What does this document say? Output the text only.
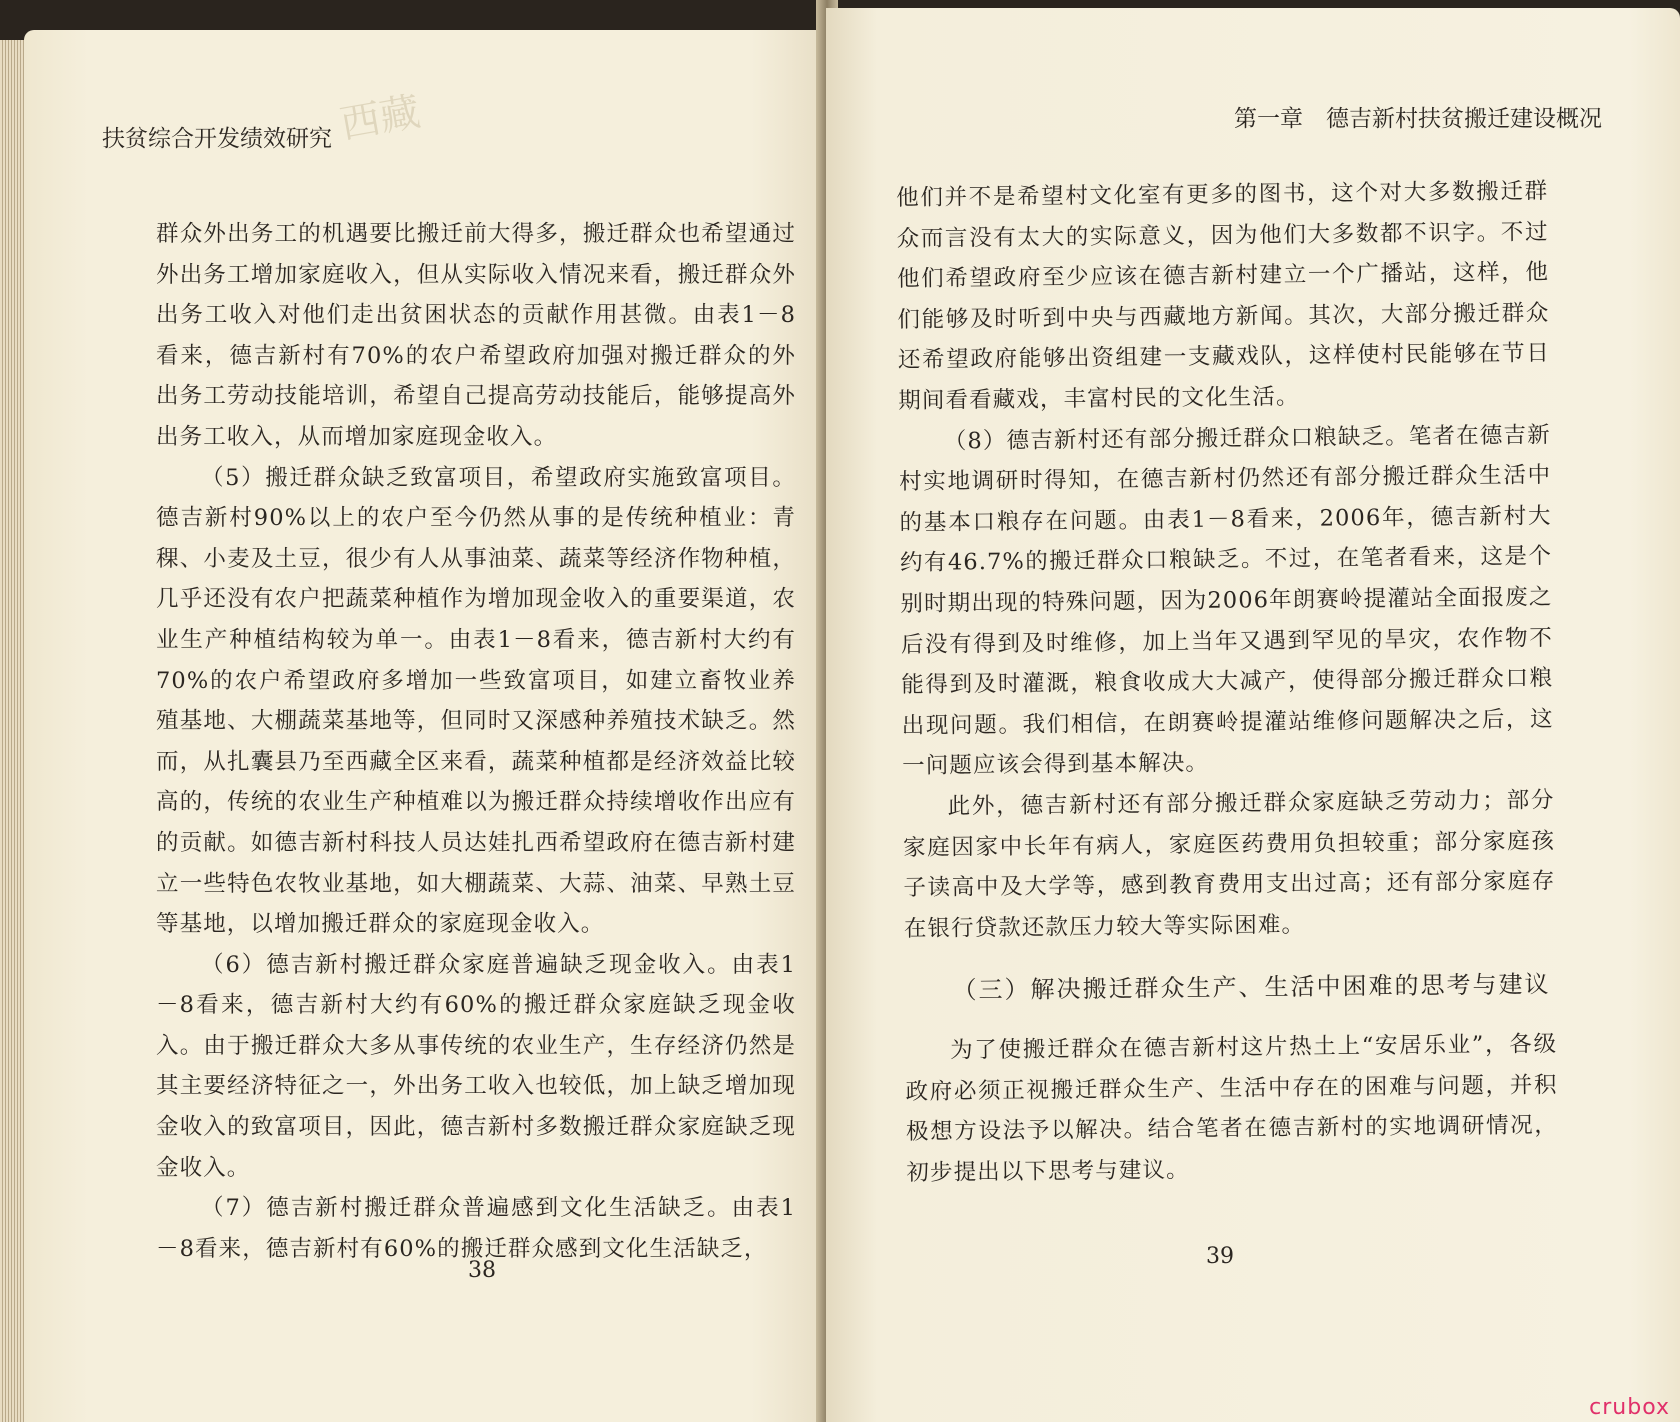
扶贫综合开发绩效研究 西藏

群众外出务工的机遇要比搬迁前大得多，搬迁群众也希望通过外出务工增加家庭收入，但从实际收入情况来看，搬迁群众外出务工收入对他们走出贫困状态的贡献作用甚微。由表1－8看来，德吉新村有70%的农户希望政府加强对搬迁群众的外出务工劳动技能培训，希望自己提高劳动技能后，能够提高外出务工收入，从而增加家庭现金收入。

（5）搬迁群众缺乏致富项目，希望政府实施致富项目。德吉新村90%以上的农户至今仍然从事的是传统种植业：青稞、小麦及土豆，很少有人从事油菜、蔬菜等经济作物种植，几乎还没有农户把蔬菜种植作为增加现金收入的重要渠道，农业生产种植结构较为单一。由表1－8看来，德吉新村大约有70%的农户希望政府多增加一些致富项目，如建立畜牧业养殖基地、大棚蔬菜基地等，但同时又深感种养殖技术缺乏。然而，从扎囊县乃至西藏全区来看，蔬菜种植都是经济效益比较高的，传统的农业生产种植难以为搬迁群众持续增收作出应有的贡献。如德吉新村科技人员达娃扎西希望政府在德吉新村建立一些特色农牧业基地，如大棚蔬菜、大蒜、油菜、早熟土豆等基地，以增加搬迁群众的家庭现金收入。

（6）德吉新村搬迁群众家庭普遍缺乏现金收入。由表1－8看来，德吉新村大约有60%的搬迁群众家庭缺乏现金收入。由于搬迁群众大多从事传统的农业生产，生存经济仍然是其主要经济特征之一，外出务工收入也较低，加上缺乏增加现金收入的致富项目，因此，德吉新村多数搬迁群众家庭缺乏现金收入。

（7）德吉新村搬迁群众普遍感到文化生活缺乏。由表1－8看来，德吉新村有60%的搬迁群众感到文化生活缺乏，

38
第一章　德吉新村扶贫搬迁建设概况

他们并不是希望村文化室有更多的图书，这个对大多数搬迁群众而言没有太大的实际意义，因为他们大多数都不识字。不过他们希望政府至少应该在德吉新村建立一个广播站，这样，他们能够及时听到中央与西藏地方新闻。其次，大部分搬迁群众还希望政府能够出资组建一支藏戏队，这样使村民能够在节日期间看看藏戏，丰富村民的文化生活。

（8）德吉新村还有部分搬迁群众口粮缺乏。笔者在德吉新村实地调研时得知，在德吉新村仍然还有部分搬迁群众生活中的基本口粮存在问题。由表1－8看来，2006年，德吉新村大约有46.7%的搬迁群众口粮缺乏。不过，在笔者看来，这是个别时期出现的特殊问题，因为2006年朗赛岭提灌站全面报废之后没有得到及时维修，加上当年又遇到罕见的旱灾，农作物不能得到及时灌溉，粮食收成大大减产，使得部分搬迁群众口粮出现问题。我们相信，在朗赛岭提灌站维修问题解决之后，这一问题应该会得到基本解决。

此外，德吉新村还有部分搬迁群众家庭缺乏劳动力；部分家庭因家中长年有病人，家庭医药费用负担较重；部分家庭孩子读高中及大学等，感到教育费用支出过高；还有部分家庭存在银行贷款还款压力较大等实际困难。

（三）解决搬迁群众生产、生活中困难的思考与建议

为了使搬迁群众在德吉新村这片热土上“安居乐业”，各级政府必须正视搬迁群众生产、生活中存在的困难与问题，并积极想方设法予以解决。结合笔者在德吉新村的实地调研情况，初步提出以下思考与建议。

39
crubox
